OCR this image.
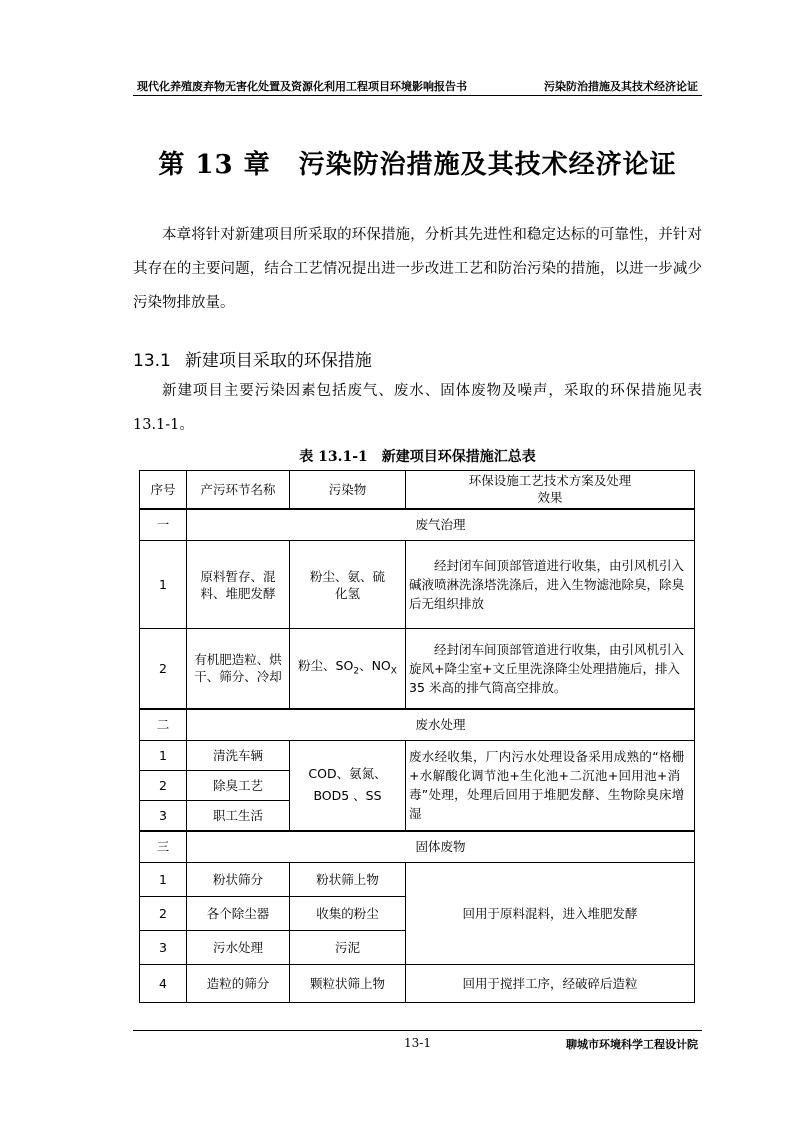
现代化养殖废弃物无害化处置及资源化利用工程项目环境影响报告书	污染防治措施及其技术经济论证
第 13 章 污染防治措施及其技术经济论证

本章将针对新建项目所采取的环保措施，分析其先进性和稳定达标的可靠性，并针对其存在的主要问题，结合工艺情况提出进一步改进工艺和防治污染的措施，以进一步减少污染物排放量。

13.1 新建项目采取的环保措施

新建项目主要污染因素包括废气、废水、固体废物及噪声，采取的环保措施见表 13.1-1。

表 13.1-1　新建项目环保措施汇总表
序号	产污环节名称	污染物	环保设施工艺技术方案及处理效果
一	废气治理		
1	原料暂存、混料、堆肥发酵	粉尘、氨、硫化氢	经封闭车间顶部管道进行收集，由引风机引入碱液喷淋洗涤塔洗涤后，进入生物滤池除臭，除臭后无组织排放
2	有机肥造粒、烘干、筛分、冷却	粉尘、$SO_2$、$NO_X$	经封闭车间顶部管道进行收集，由引风机引入旋风+降尘室+文丘里洗涤降尘处理措施后，排入 35 米高的排气筒高空排放。
二	废水处理		
1	清洗车辆	COD、氨氮、BOD5 、SS	废水经收集，厂内污水处理设备采用成熟的“格栅+水解酸化调节池+生化池+二沉池+回用池+消毒”处理，处理后回用于堆肥发酵、生物除臭床增湿
2	除臭工艺		
3	职工生活		
三	固体废物		
1	粉状筛分	粉状筛上物	回用于原料混料，进入堆肥发酵
2	各个除尘器	收集的粉尘	
3	污水处理	污泥	
4	造粒的筛分	颗粒状筛上物	回用于搅拌工序，经破碎后造粒
13-1	聊城市环境科学工程设计院
